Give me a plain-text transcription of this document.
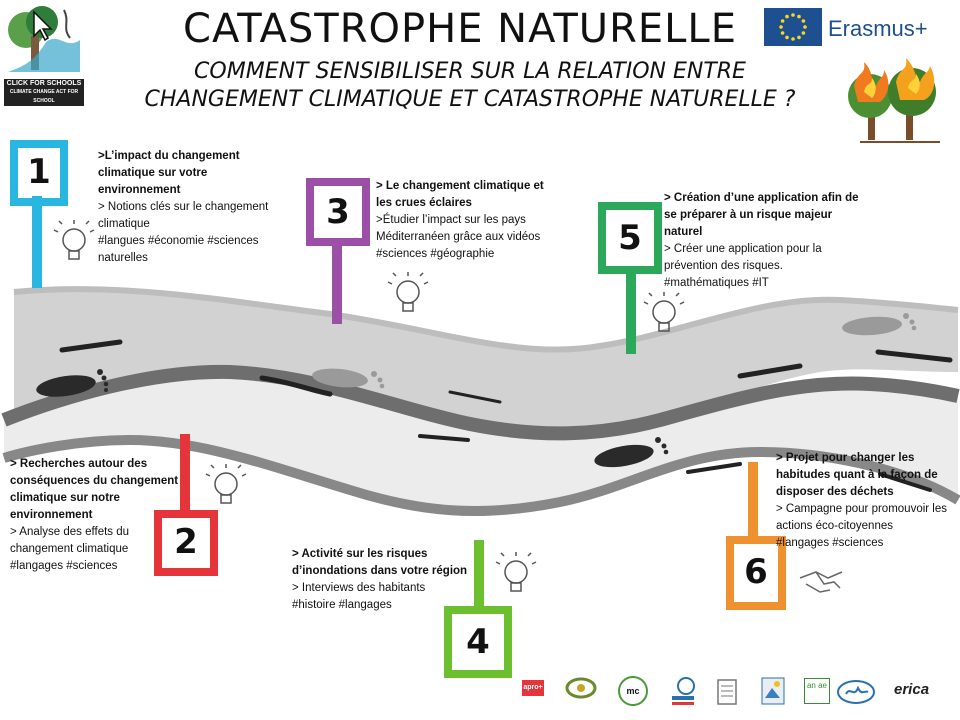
CATASTROPHE NATURELLE
COMMENT SENSIBILISER SUR LA RELATION ENTRE
CHANGEMENT CLIMATIQUE ET CATASTROPHE NATURELLE ?
CLICK FOR SCHOOLS
CLIMATE CHANGE ACT FOR SCHOOL
Erasmus+
1
3
5
2
4
6
>L’impact du changement climatique sur votre environnement
> Notions clés sur le changement climatique
#langues #économie #sciences naturelles
> Le changement climatique et les crues éclaires
>Étudier l’impact sur les pays Méditerranéen grâce aux vidéos
#sciences #géographie
> Création d’une application afin de se préparer à un risque majeur naturel
> Créer une application pour la prévention des risques.
#mathématiques #IT
> Recherches autour des conséquences du changement climatique sur notre environnement
> Analyse des effets du changement climatique
#langages #sciences
> Activité sur les risques d’inondations dans votre région
> Interviews des habitants
#histoire #langages
> Projet pour changer les habitudes quant à la façon de disposer des déchets
> Campagne pour promouvoir les actions éco-citoyennes
#langages #sciences
apro+	mc
an ae	erica
